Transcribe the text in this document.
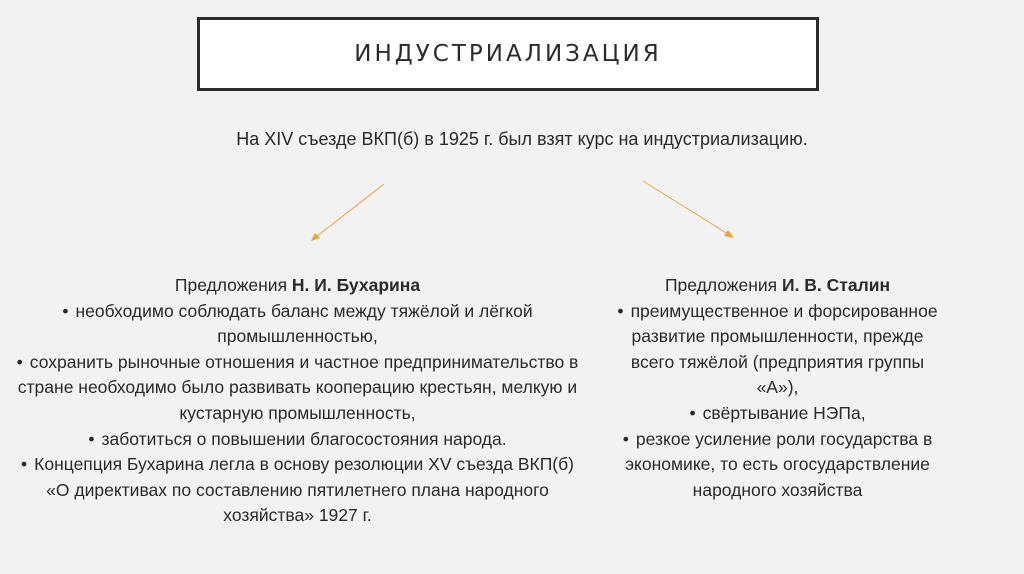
ИНДУСТРИАЛИЗАЦИЯ
На XIV съезде ВКП(б) в 1925 г. был взят курс на индустриализацию.
Предложения Н. И. Бухарина
• необходимо соблюдать баланс между тяжёлой и лёгкой промышленностью,
• сохранить рыночные отношения и частное предпринимательство в стране необходимо было развивать кооперацию крестьян, мелкую и кустарную промышленность,
• заботиться о повышении благосостояния народа.
• Концепция Бухарина легла в основу резолюции XV съезда ВКП(б) «О директивах по составлению пятилетнего плана народного хозяйства» 1927 г.
Предложения И. В. Сталин
• преимущественное и форсированное развитие промышленности, прежде всего тяжёлой (предприятия группы «А»),
• свёртывание НЭПа,
• резкое усиление роли государства в экономике, то есть огосударствление народного хозяйства
